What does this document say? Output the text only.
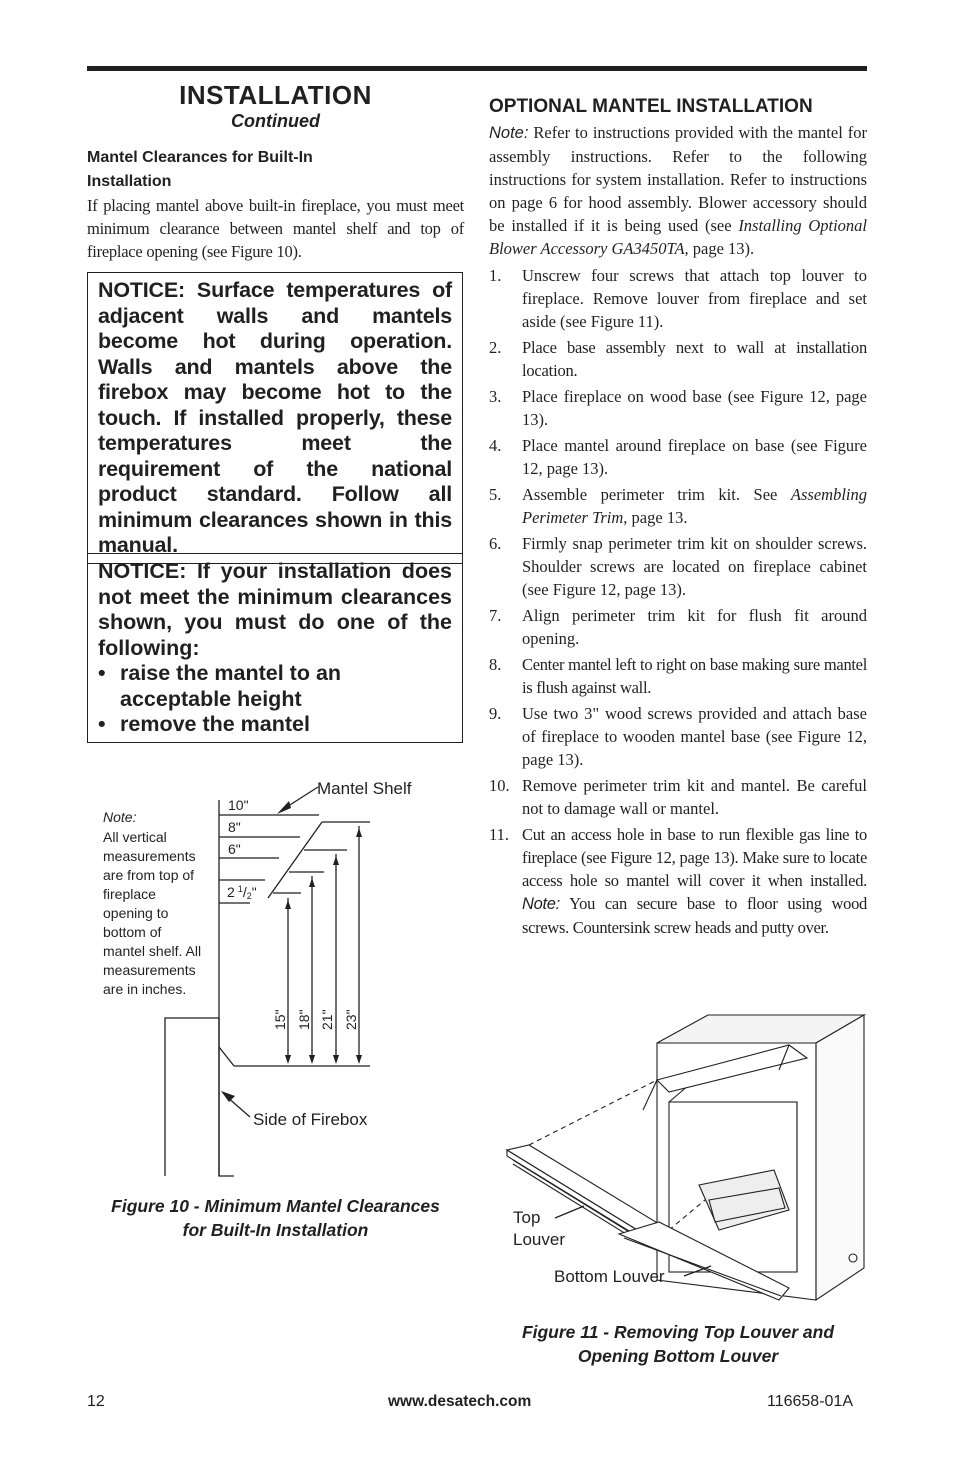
INSTALLATION
Continued
Mantel Clearances for Built-In Installation

If placing mantel above built-in fireplace, you must meet minimum clearance between mantel shelf and top of fireplace opening (see Figure 10).

NOTICE: Surface temperatures of adjacent walls and mantels become hot during operation. Walls and mantels above the firebox may become hot to the touch. If installed properly, these temperatures meet the requirement of the national product standard. Follow all minimum clearances shown in this manual.
NOTICE: If your installation does not meet the minimum clearances shown, you must do one of the following:
• raise the mantel to an acceptable height
• remove the mantel
Mantel Shelf
10"
8"
6"
2 $^1$/2"
15" 18" 21" 23"
Side of Firebox
Note:
All vertical
measurements
are from top of
fireplace
opening to
bottom of
mantel shelf. All
measurements
are in inches.
Figure 10 - Minimum Mantel Clearances
for Built-In Installation
OPTIONAL MANTEL INSTALLATION

Note: Refer to instructions provided with the mantel for assembly instructions. Refer to the following instructions for system installation. Refer to instructions on page 6 for hood assembly. Blower accessory should be installed if it is being used (see Installing Optional Blower Accessory GA3450TA, page 13).

1.	Unscrew four screws that attach top louver to fireplace. Remove louver from fireplace and set aside (see Figure 11).
2.	Place base assembly next to wall at installation location.
3.	Place fireplace on wood base (see Figure 12, page 13).
4.	Place mantel around fireplace on base (see Figure 12, page 13).
5.	Assemble perimeter trim kit. See Assembling Perimeter Trim, page 13.
6.	Firmly snap perimeter trim kit on shoulder screws. Shoulder screws are located on fireplace cabinet (see Figure 12, page 13).
7.	Align perimeter trim kit for flush fit around opening.
8.	Center mantel left to right on base making sure mantel is flush against wall.
9.	Use two 3" wood screws provided and attach base of fireplace to wooden mantel base (see Figure 12, page 13).
10. Remove perimeter trim kit and mantel. Be careful not to damage wall or mantel.
11. Cut an access hole in base to run flexible gas line to fireplace (see Figure 12, page 13). Make sure to locate access hole so mantel will cover it when installed. Note: You can secure base to floor using wood screws. Countersink screw heads and putty over.
Top
Louver
Bottom Louver
Figure 11 - Removing Top Louver and
Opening Bottom Louver
12	www.desatech.com	116658-01A
